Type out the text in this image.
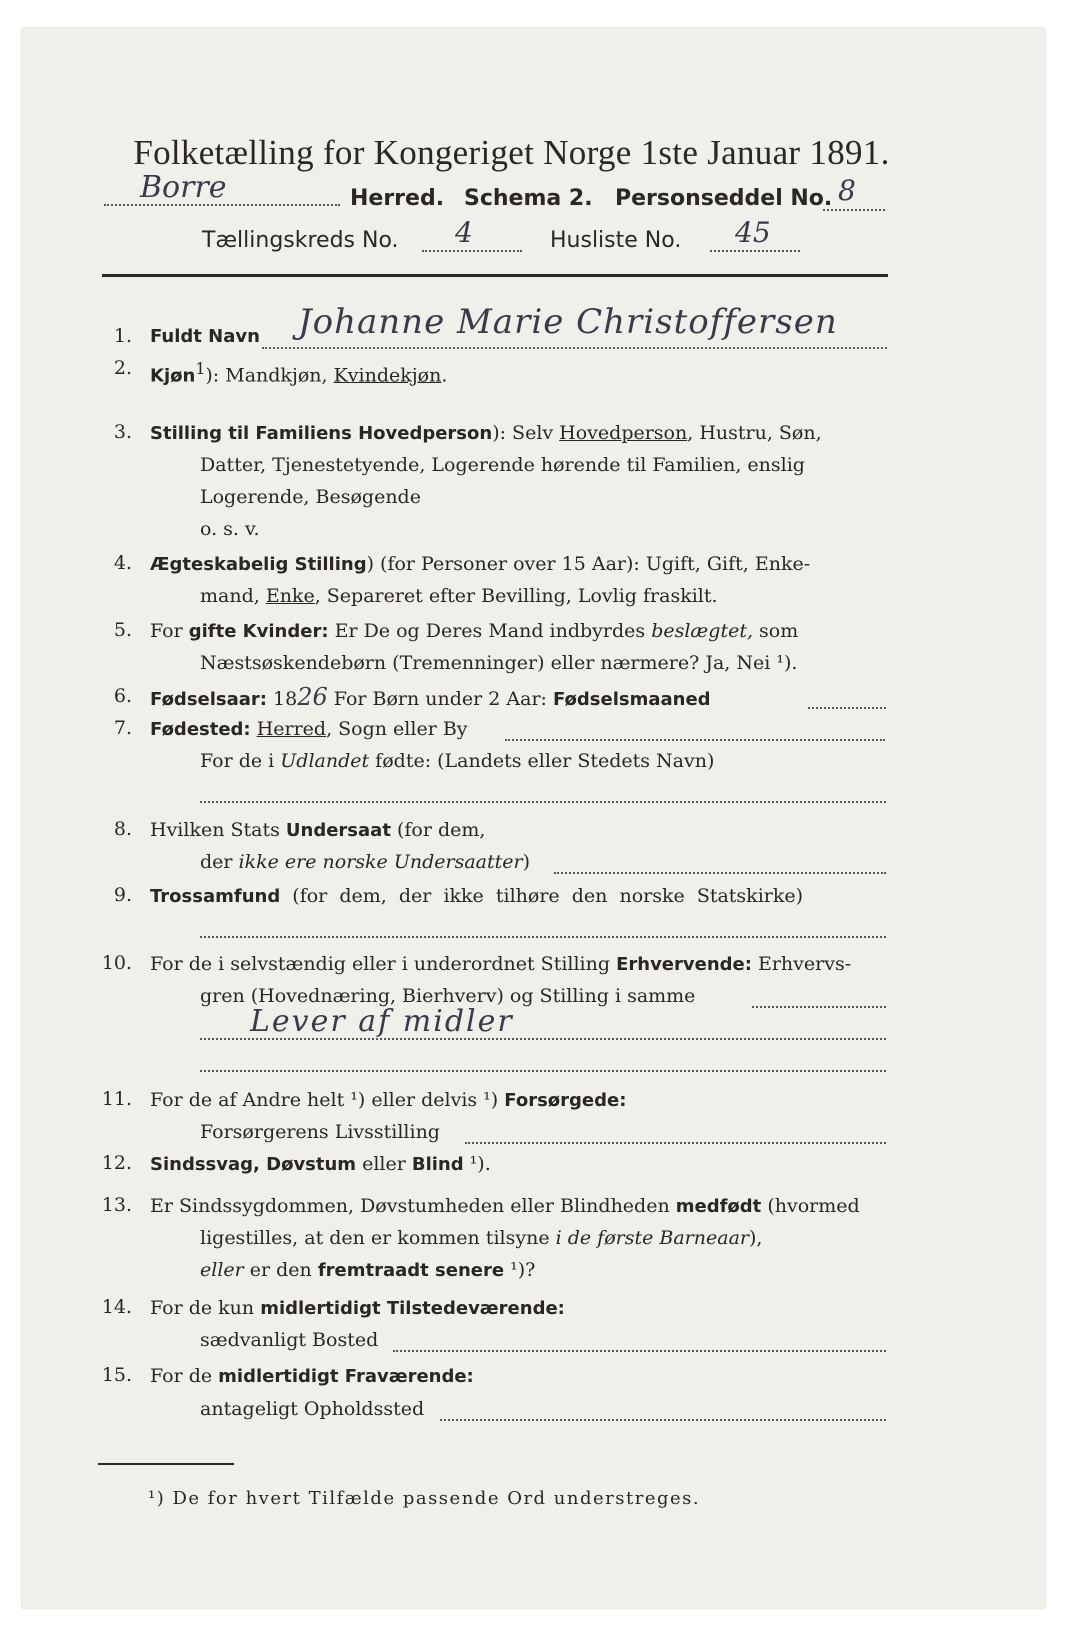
Folketælling for Kongeriget Norge 1ste Januar 1891.
Borre	Herred. Schema 2. Personseddel No. 8
Tællingskreds No. 4	Husliste No. 45
1. Fuldt Navn Johanne Marie Christoffersen
2. Kjøn$^1$): Mandkjøn, Kvindekjøn.
3. Stilling til Familiens Hovedperson): Selv Hovedperson, Hustru, Søn,
Datter, Tjenestetyende, Logerende hørende til Familien, enslig
Logerende, Besøgende
o. s. v.
4. Ægteskabelig Stilling) (for Personer over 15 Aar): Ugift, Gift, Enke-
mand, Enke, Separeret efter Bevilling, Lovlig fraskilt.
5. For gifte Kvinder: Er De og Deres Mand indbyrdes beslægtet, som
Næstsøskendebørn (Tremenninger) eller nærmere? Ja, Nei ¹).
6. Fødselsaar: 1826 For Børn under 2 Aar: Fødselsmaaned
7. Fødested: Herred, Sogn eller By
For de i Udlandet fødte: (Landets eller Stedets Navn)
8. Hvilken Stats Undersaat (for dem,
der ikke ere norske Undersaatter)
9. Trossamfund  (for  dem,  der  ikke  tilhøre  den  norske  Statskirke)
10. For de i selvstændig eller i underordnet Stilling Erhvervende: Erhvervs-
gren (Hovednæring, Bierhverv) og Stilling i samme
Lever af midler
11. For de af Andre helt ¹) eller delvis ¹) Forsørgede:
Forsørgerens Livsstilling
12. Sindssvag, Døvstum eller Blind ¹).
13. Er Sindssygdommen, Døvstumheden eller Blindheden medfødt (hvormed
ligestilles, at den er kommen tilsyne i de første Barneaar),
eller er den fremtraadt senere ¹)?
14. For de kun midlertidigt Tilstedeværende:
sædvanligt Bosted
15. For de midlertidigt Fraværende:
antageligt Opholdssted
¹) De for hvert Tilfælde passende Ord understreges.
